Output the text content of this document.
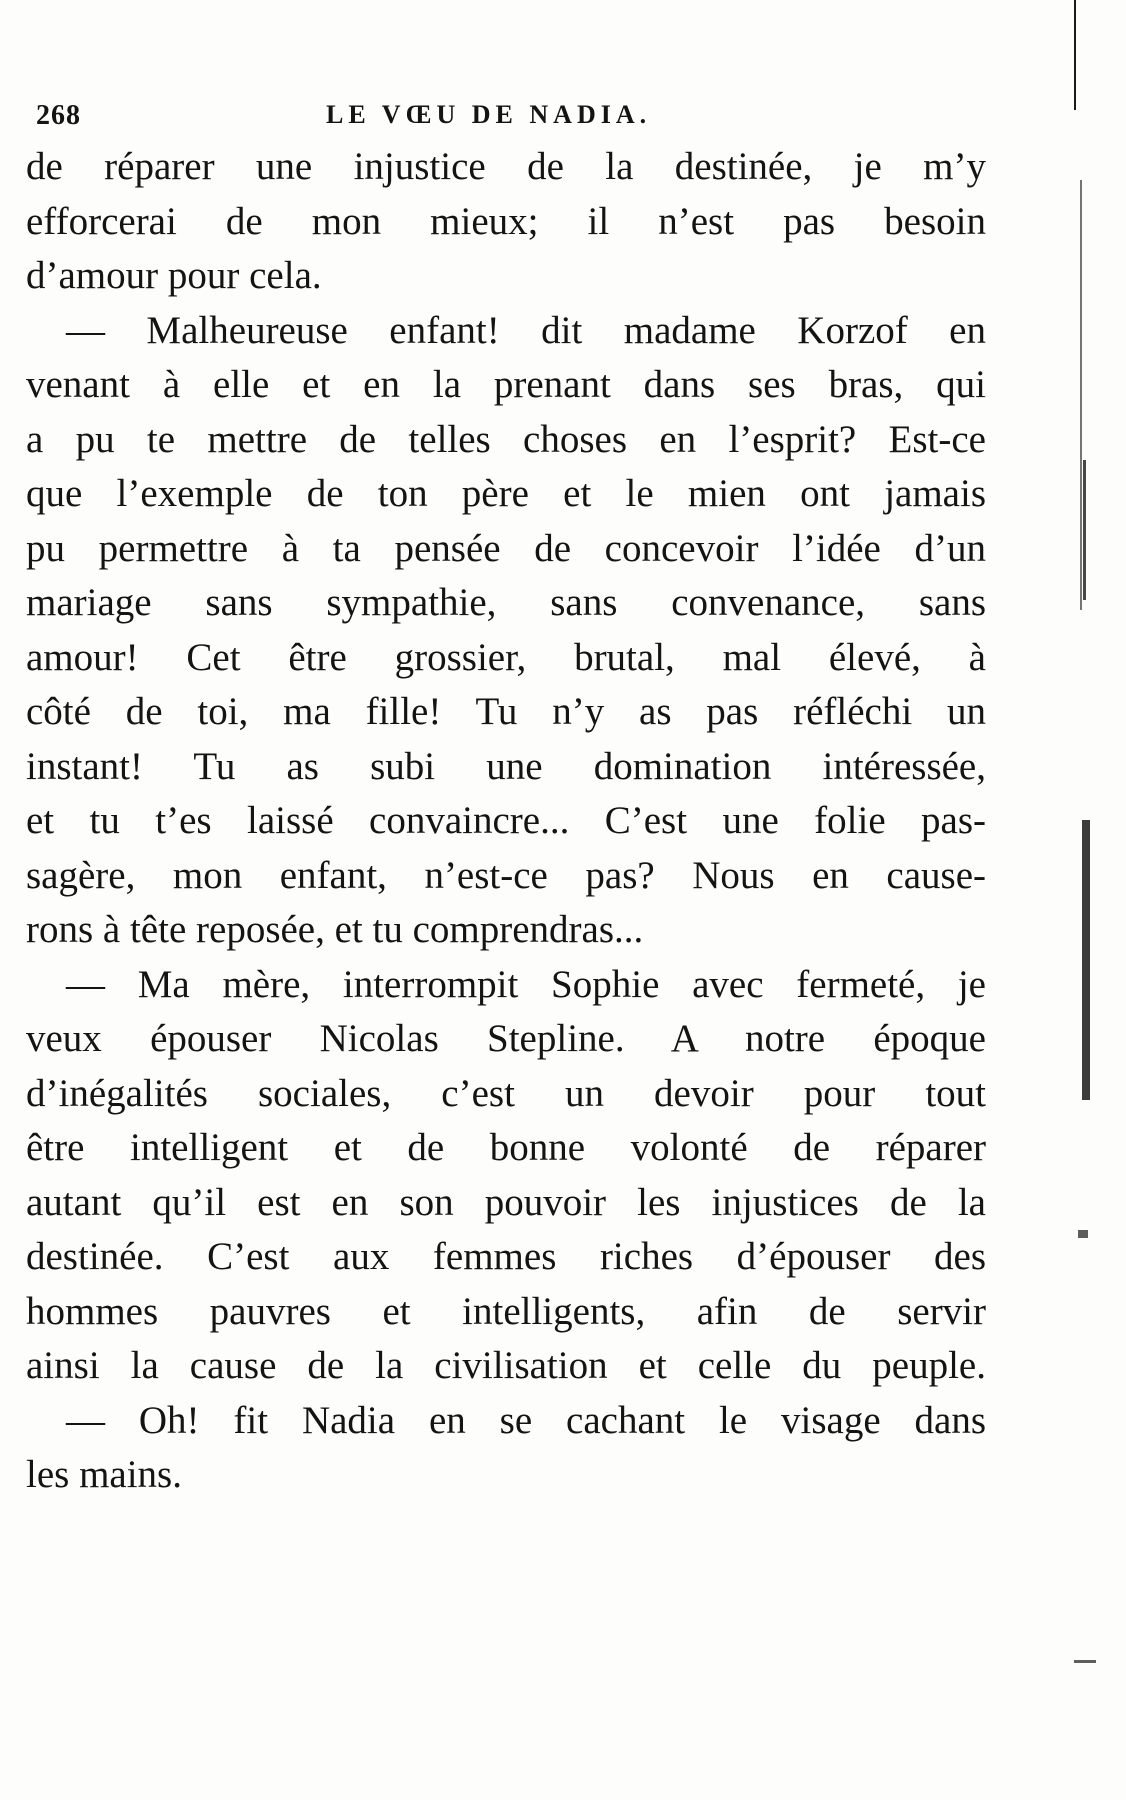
268	LE VŒU DE NADIA.
de réparer une injustice de la destinée, je m’y
efforcerai de mon mieux; il n’est pas besoin
d’amour pour cela.
— Malheureuse enfant! dit madame Korzof en
venant à elle et en la prenant dans ses bras, qui
a pu te mettre de telles choses en l’esprit? Est-ce
que l’exemple de ton père et le mien ont jamais
pu permettre à ta pensée de concevoir l’idée d’un
mariage sans sympathie, sans convenance, sans
amour! Cet être grossier, brutal, mal élevé, à
côté de toi, ma fille! Tu n’y as pas réfléchi un
instant! Tu as subi une domination intéressée,
et tu t’es laissé convaincre... C’est une folie pas-
sagère, mon enfant, n’est-ce pas? Nous en cause-
rons à tête reposée, et tu comprendras...
— Ma mère, interrompit Sophie avec fermeté, je
veux épouser Nicolas Stepline. A notre époque
d’inégalités sociales, c’est un devoir pour tout
être intelligent et de bonne volonté de réparer
autant qu’il est en son pouvoir les injustices de la
destinée. C’est aux femmes riches d’épouser des
hommes pauvres et intelligents, afin de servir
ainsi la cause de la civilisation et celle du peuple.
— Oh! fit Nadia en se cachant le visage dans
les mains.
